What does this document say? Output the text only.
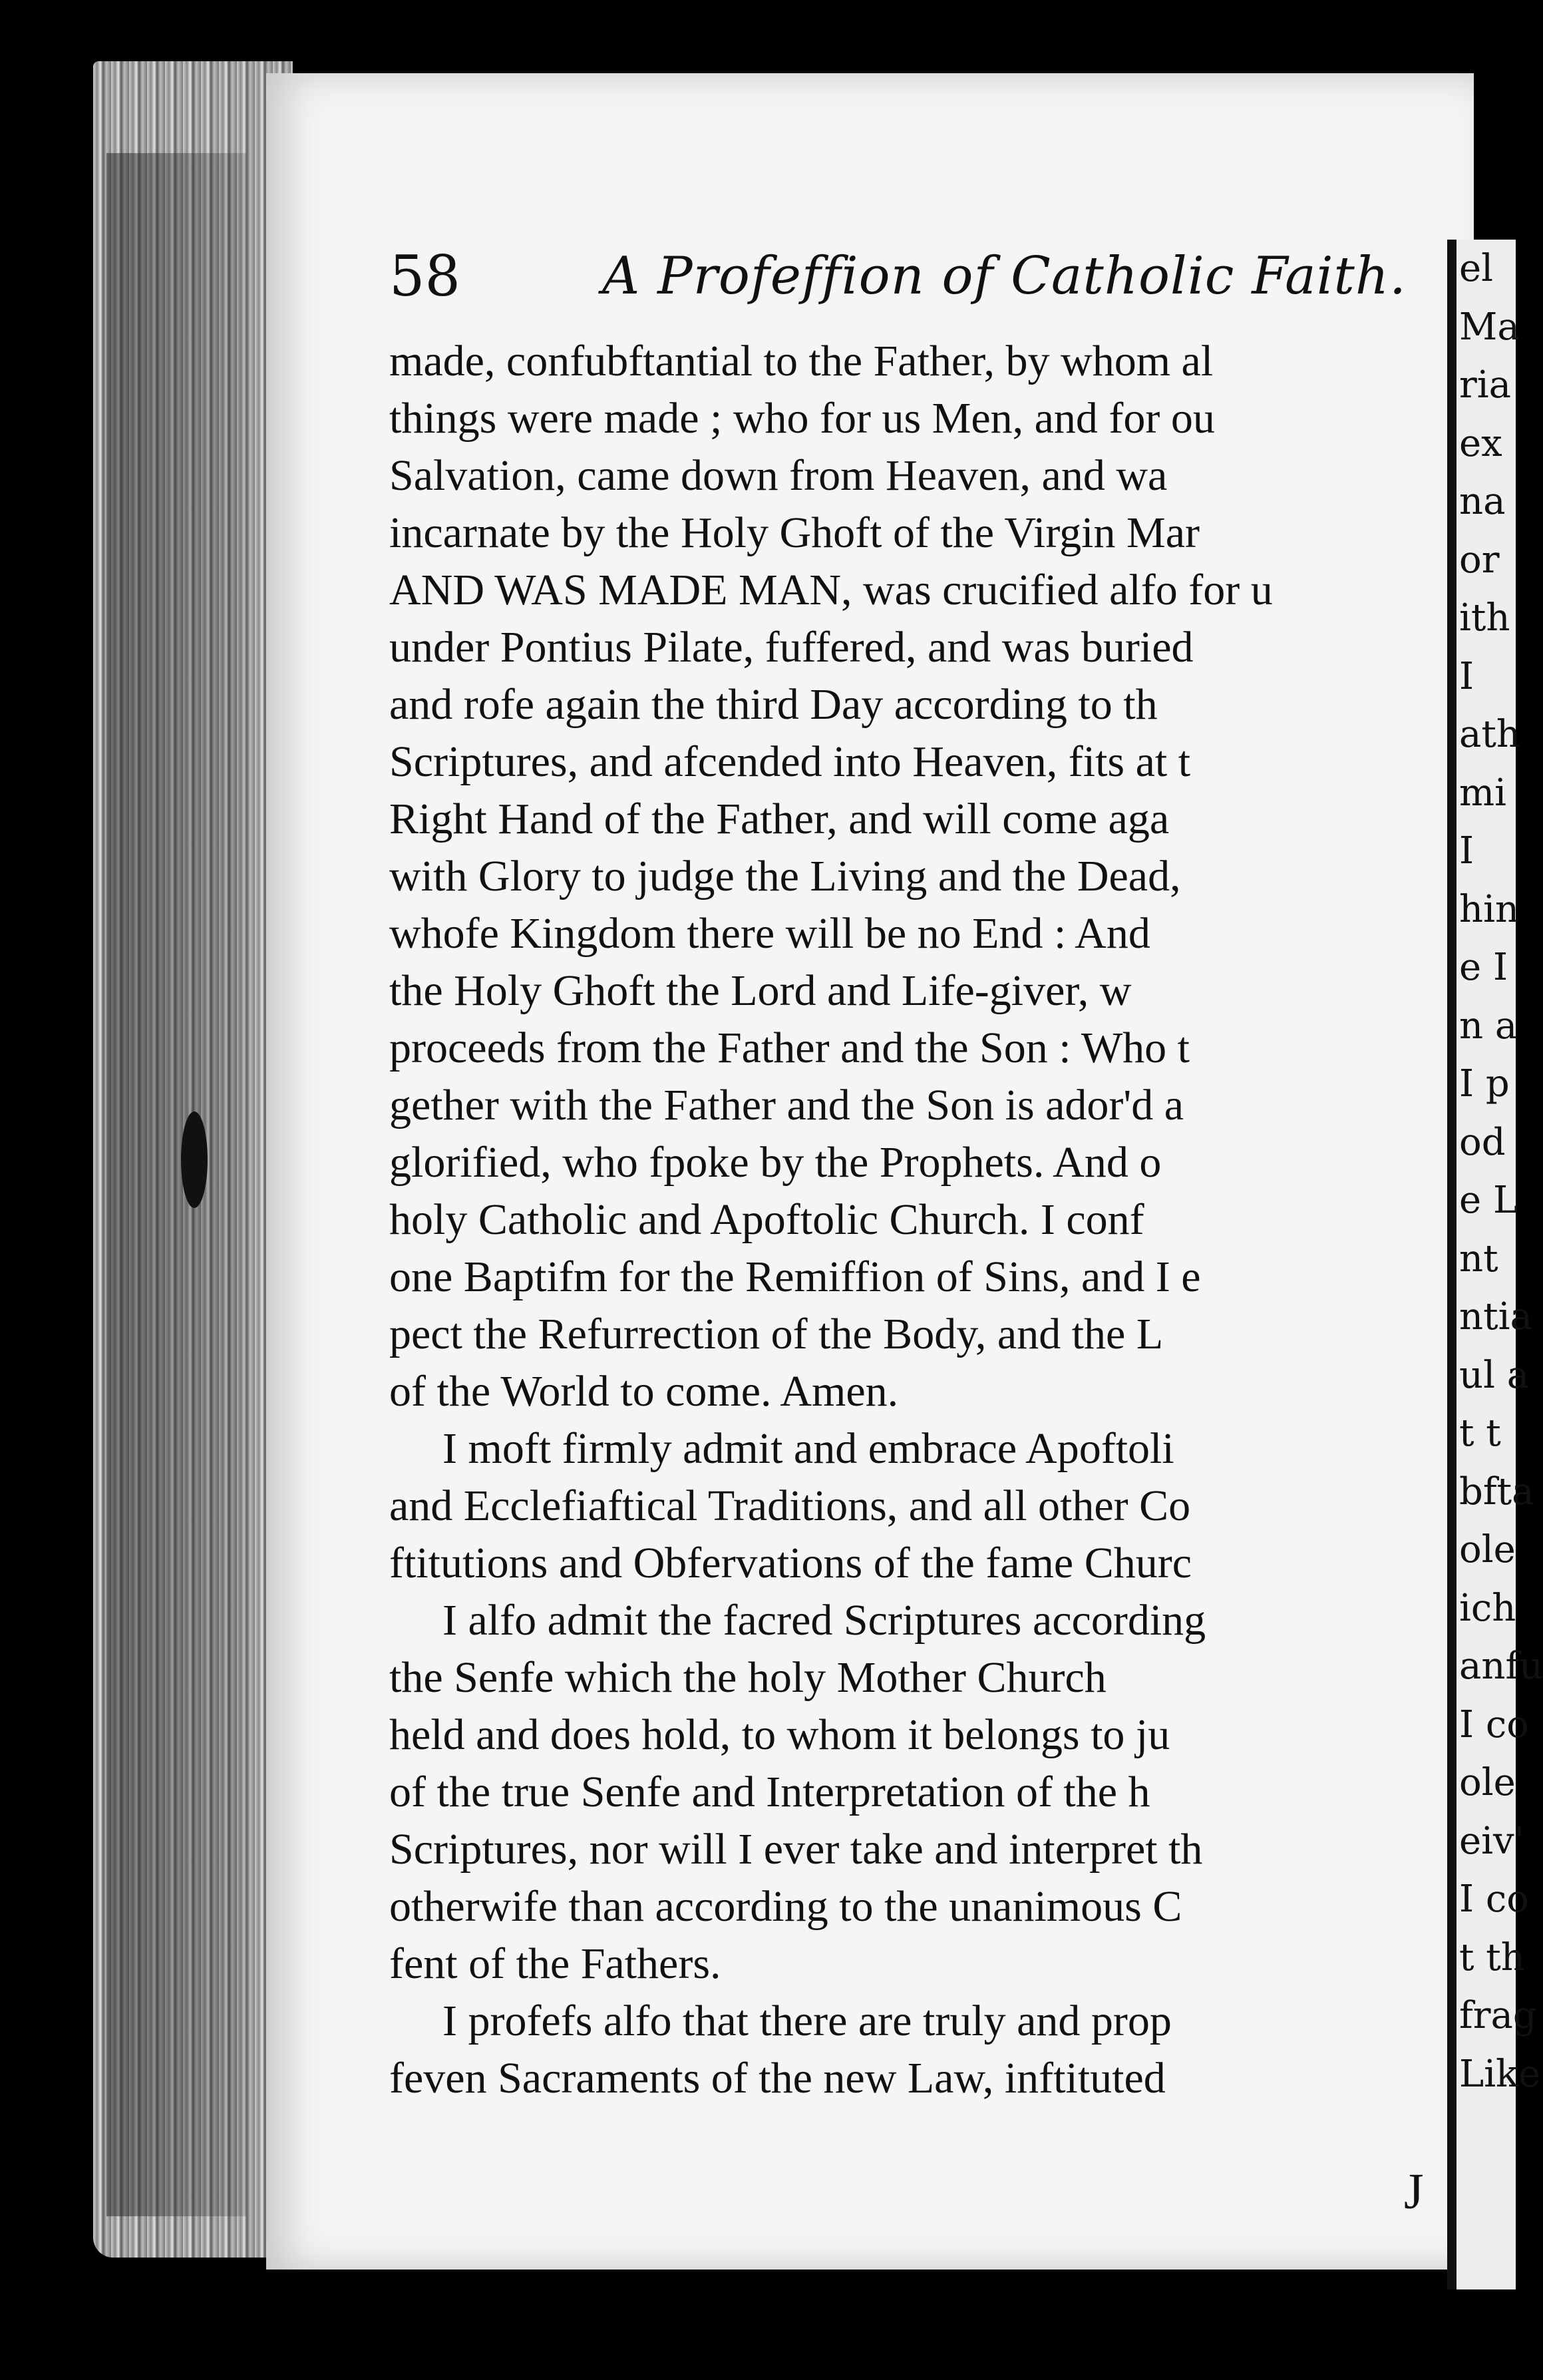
el
Ma
ria
ex
na
or
ith
I
ath
mi
I
hin
e I
n a
I p
od
e L
nt
ntia
ul a
t t
bfta
ole
ich
anfu
I co
ole
eiv'
I co
t th
frag
Like
58	A Profeffion of Catholic Faith.
made, confubftantial to the Father, by whom al
things were made ; who for us Men, and for ou
Salvation, came down from Heaven, and wa
incarnate by the Holy Ghoft of the Virgin Mar
AND WAS MADE MAN, was crucified alfo for u
under Pontius Pilate, fuffered, and was buried
and rofe again the third Day according to th
Scriptures, and afcended into Heaven, fits at t
Right Hand of the Father, and will come aga
with Glory to judge the Living and the Dead,
whofe Kingdom there will be no End : And
the Holy Ghoft the Lord and Life-giver, w
proceeds from the Father and the Son : Who t
gether with the Father and the Son is ador'd a
glorified, who fpoke by the Prophets. And o
holy Catholic and Apoftolic Church. I conf
one Baptifm for the Remiffion of Sins, and I e
pect the Refurrection of the Body, and the L
of the World to come. Amen.
I moft firmly admit and embrace Apoftoli
and Ecclefiaftical Traditions, and all other Co
ftitutions and Obfervations of the fame Churc
I alfo admit the facred Scriptures according
the Senfe which the holy Mother Church
held and does hold, to whom it belongs to ju
of the true Senfe and Interpretation of the h
Scriptures, nor will I ever take and interpret th
otherwife than according to the unanimous C
fent of the Fathers.
I profefs alfo that there are truly and prop
feven Sacraments of the new Law, inftituted
J
